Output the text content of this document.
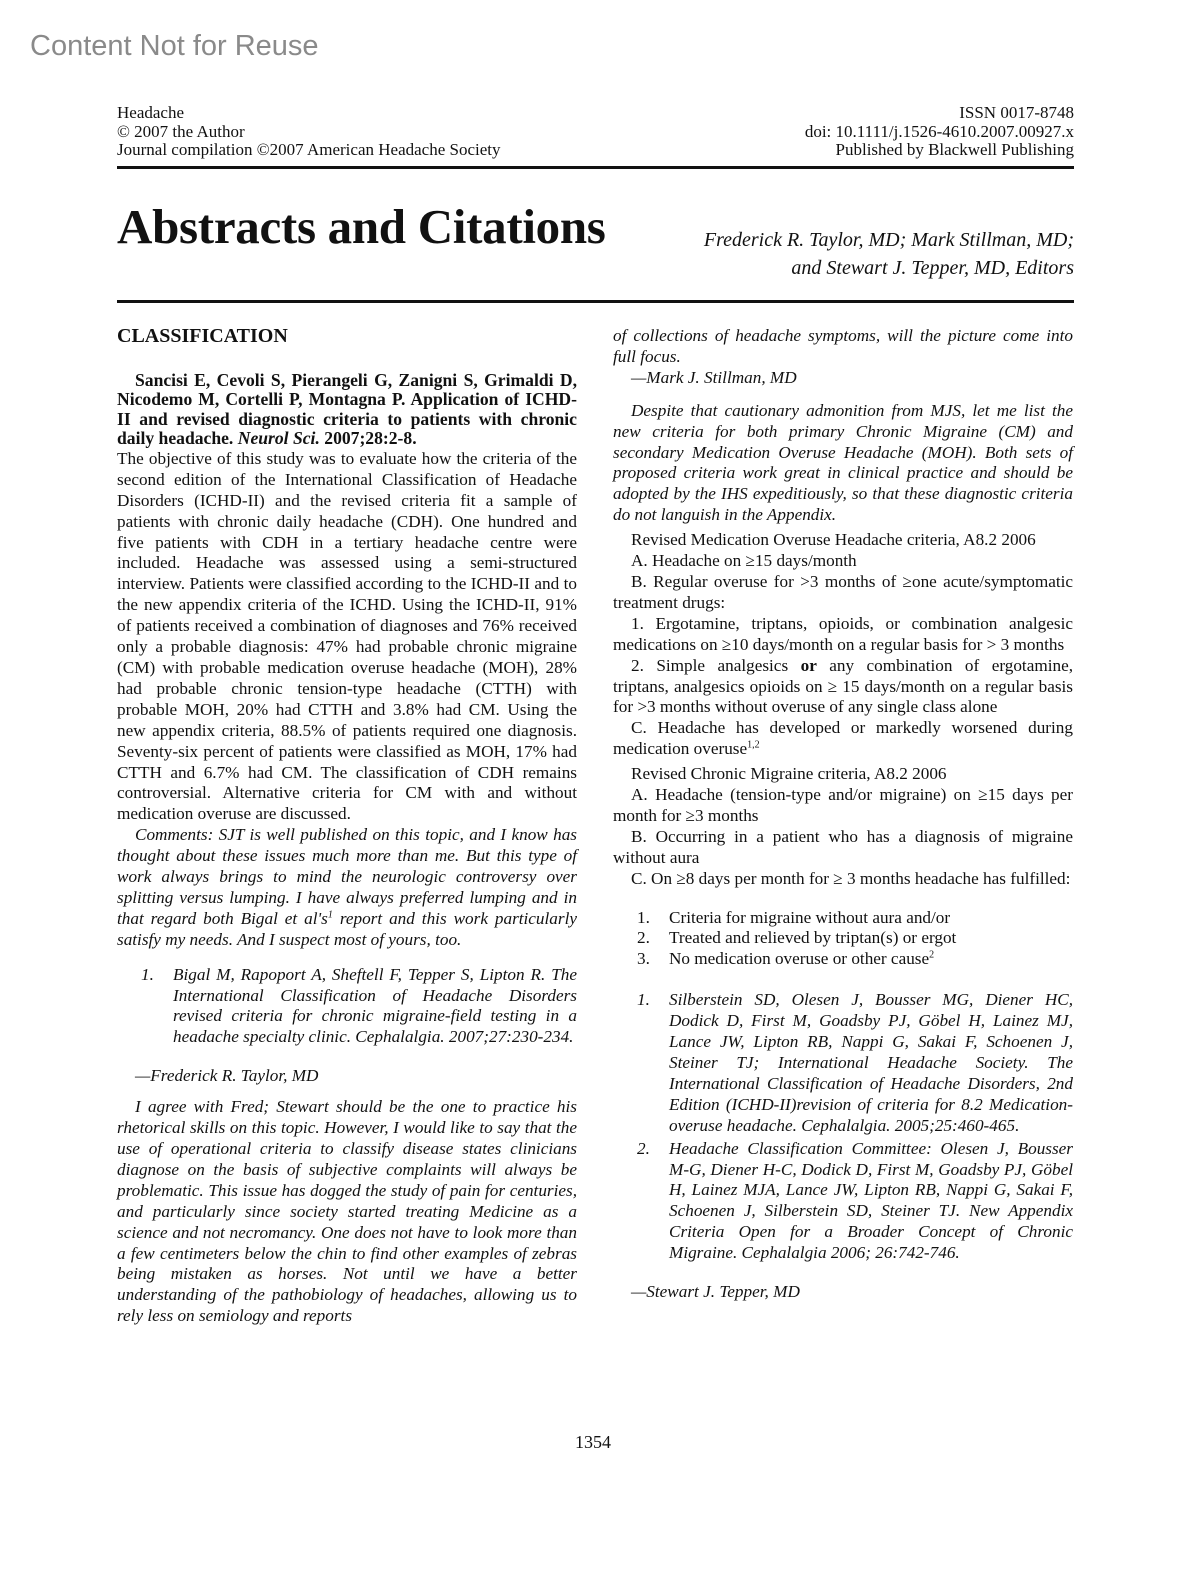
Content Not for Reuse
Headache
© 2007 the Author
Journal compilation ©2007 American Headache Society
ISSN 0017-8748
doi: 10.1111/j.1526-4610.2007.00927.x
Published by Blackwell Publishing
Abstracts and Citations	Frederick R. Taylor, MD; Mark Stillman, MD;
and Stewart J. Tepper, MD, Editors
CLASSIFICATION

Sancisi E, Cevoli S, Pierangeli G, Zanigni S, Grimaldi D, Nicodemo M, Cortelli P, Montagna P. Application of ICHD-II and revised diagnostic criteria to patients with chronic daily headache. Neurol Sci. 2007;28:2-8.

The objective of this study was to evaluate how the criteria of the second edition of the International Classification of Headache Disorders (ICHD-II) and the revised criteria fit a sample of patients with chronic daily headache (CDH). One hundred and five patients with CDH in a tertiary headache centre were included. Headache was assessed using a semi-structured interview. Patients were classified according to the ICHD-II and to the new appendix criteria of the ICHD. Using the ICHD-II, 91% of patients received a combination of diagnoses and 76% received only a probable diagnosis: 47% had probable chronic migraine (CM) with probable medication overuse headache (MOH), 28% had probable chronic tension-type headache (CTTH) with probable MOH, 20% had CTTH and 3.8% had CM. Using the new appendix criteria, 88.5% of patients required one diagnosis. Seventy-six percent of patients were classified as MOH, 17% had CTTH and 6.7% had CM. The classification of CDH remains controversial. Alternative criteria for CM with and without medication overuse are discussed.

Comments: SJT is well published on this topic, and I know has thought about these issues much more than me. But this type of work always brings to mind the neurologic controversy over splitting versus lumping. I have always preferred lumping and in that regard both Bigal et $al's^1$ report and this work particularly satisfy my needs. And I suspect most of yours, too.

1. Bigal M, Rapoport A, Sheftell F, Tepper S, Lipton R. The International Classification of Headache Disorders revised criteria for chronic migraine-field testing in a headache specialty clinic. Cephalalgia. 2007;27:230-234.

—Frederick R. Taylor, MD

I agree with Fred; Stewart should be the one to practice his rhetorical skills on this topic. However, I would like to say that the use of operational criteria to classify disease states clinicians diagnose on the basis of subjective complaints will always be problematic. This issue has dogged the study of pain for centuries, and particularly since society started treating Medicine as a science and not necromancy. One does not have to look more than a few centimeters below the chin to find other examples of zebras being mistaken as horses. Not until we have a better understanding of the pathobiology of headaches, allowing us to rely less on semiology and reports

of collections of headache symptoms, will the picture come into full focus.

—Mark J. Stillman, MD

Despite that cautionary admonition from MJS, let me list the new criteria for both primary Chronic Migraine (CM) and secondary Medication Overuse Headache (MOH). Both sets of proposed criteria work great in clinical practice and should be adopted by the IHS expeditiously, so that these diagnostic criteria do not languish in the Appendix.

Revised Medication Overuse Headache criteria, A8.2 2006

A. Headache on ≥15 days/month

B. Regular overuse for >3 months of ≥one acute/symptomatic treatment drugs:

1. Ergotamine, triptans, opioids, or combination analgesic medications on ≥10 days/month on a regular basis for > 3 months

2. Simple analgesics or any combination of ergotamine, triptans, analgesics opioids on ≥ 15 days/month on a regular basis for >3 months without overuse of any single class alone

C. Headache has developed or markedly worsened during medication overuse$^{1,2}$

Revised Chronic Migraine criteria, A8.2 2006

A. Headache (tension-type and/or migraine) on ≥15 days per month for ≥3 months

B. Occurring in a patient who has a diagnosis of migraine without aura

C. On ≥8 days per month for ≥ 3 months headache has fulfilled:

1. Criteria for migraine without aura and/or
2. Treated and relieved by triptan(s) or ergot
3. No medication overuse or other cause$^2$
1. Silberstein SD, Olesen J, Bousser MG, Diener HC, Dodick D, First M, Goadsby PJ, Göbel H, Lainez MJ, Lance JW, Lipton RB, Nappi G, Sakai F, Schoenen J, Steiner TJ; International Headache Society. The International Classification of Headache Disorders, 2nd Edition (ICHD-II)revision of criteria for 8.2 Medication-overuse headache. Cephalalgia. 2005;25:460-465.
2. Headache Classification Committee: Olesen J, Bousser M-G, Diener H-C, Dodick D, First M, Goadsby PJ, Göbel H, Lainez MJA, Lance JW, Lipton RB, Nappi G, Sakai F, Schoenen J, Silberstein SD, Steiner TJ. New Appendix Criteria Open for a Broader Concept of Chronic Migraine. Cephalalgia 2006; 26:742-746.

—Stewart J. Tepper, MD

1354
